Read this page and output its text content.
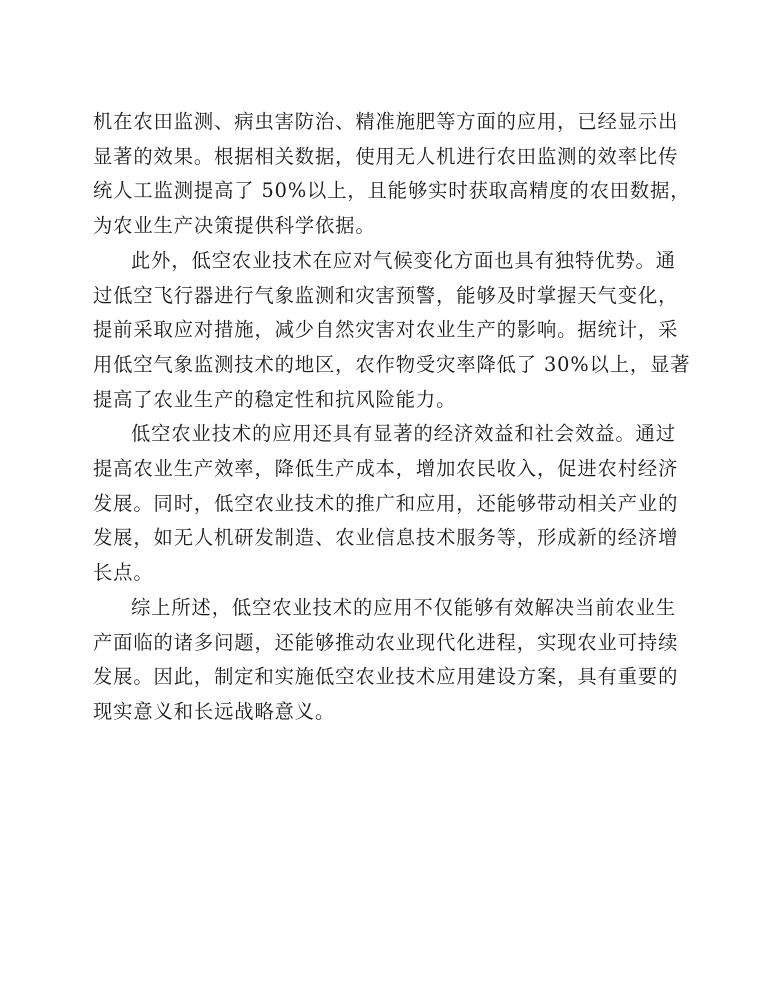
机在农田监测、病虫害防治、精准施肥等方面的应用，已经显示出
显著的效果。根据相关数据，使用无人机进行农田监测的效率比传
统人工监测提高了 50%以上，且能够实时获取高精度的农田数据，
为农业生产决策提供科学依据。
此外，低空农业技术在应对气候变化方面也具有独特优势。通
过低空飞行器进行气象监测和灾害预警，能够及时掌握天气变化，
提前采取应对措施，减少自然灾害对农业生产的影响。据统计，采
用低空气象监测技术的地区，农作物受灾率降低了 30%以上，显著
提高了农业生产的稳定性和抗风险能力。
低空农业技术的应用还具有显著的经济效益和社会效益。通过
提高农业生产效率，降低生产成本，增加农民收入，促进农村经济
发展。同时，低空农业技术的推广和应用，还能够带动相关产业的
发展，如无人机研发制造、农业信息技术服务等，形成新的经济增
长点。
综上所述，低空农业技术的应用不仅能够有效解决当前农业生
产面临的诸多问题，还能够推动农业现代化进程，实现农业可持续
发展。因此，制定和实施低空农业技术应用建设方案，具有重要的
现实意义和长远战略意义。
